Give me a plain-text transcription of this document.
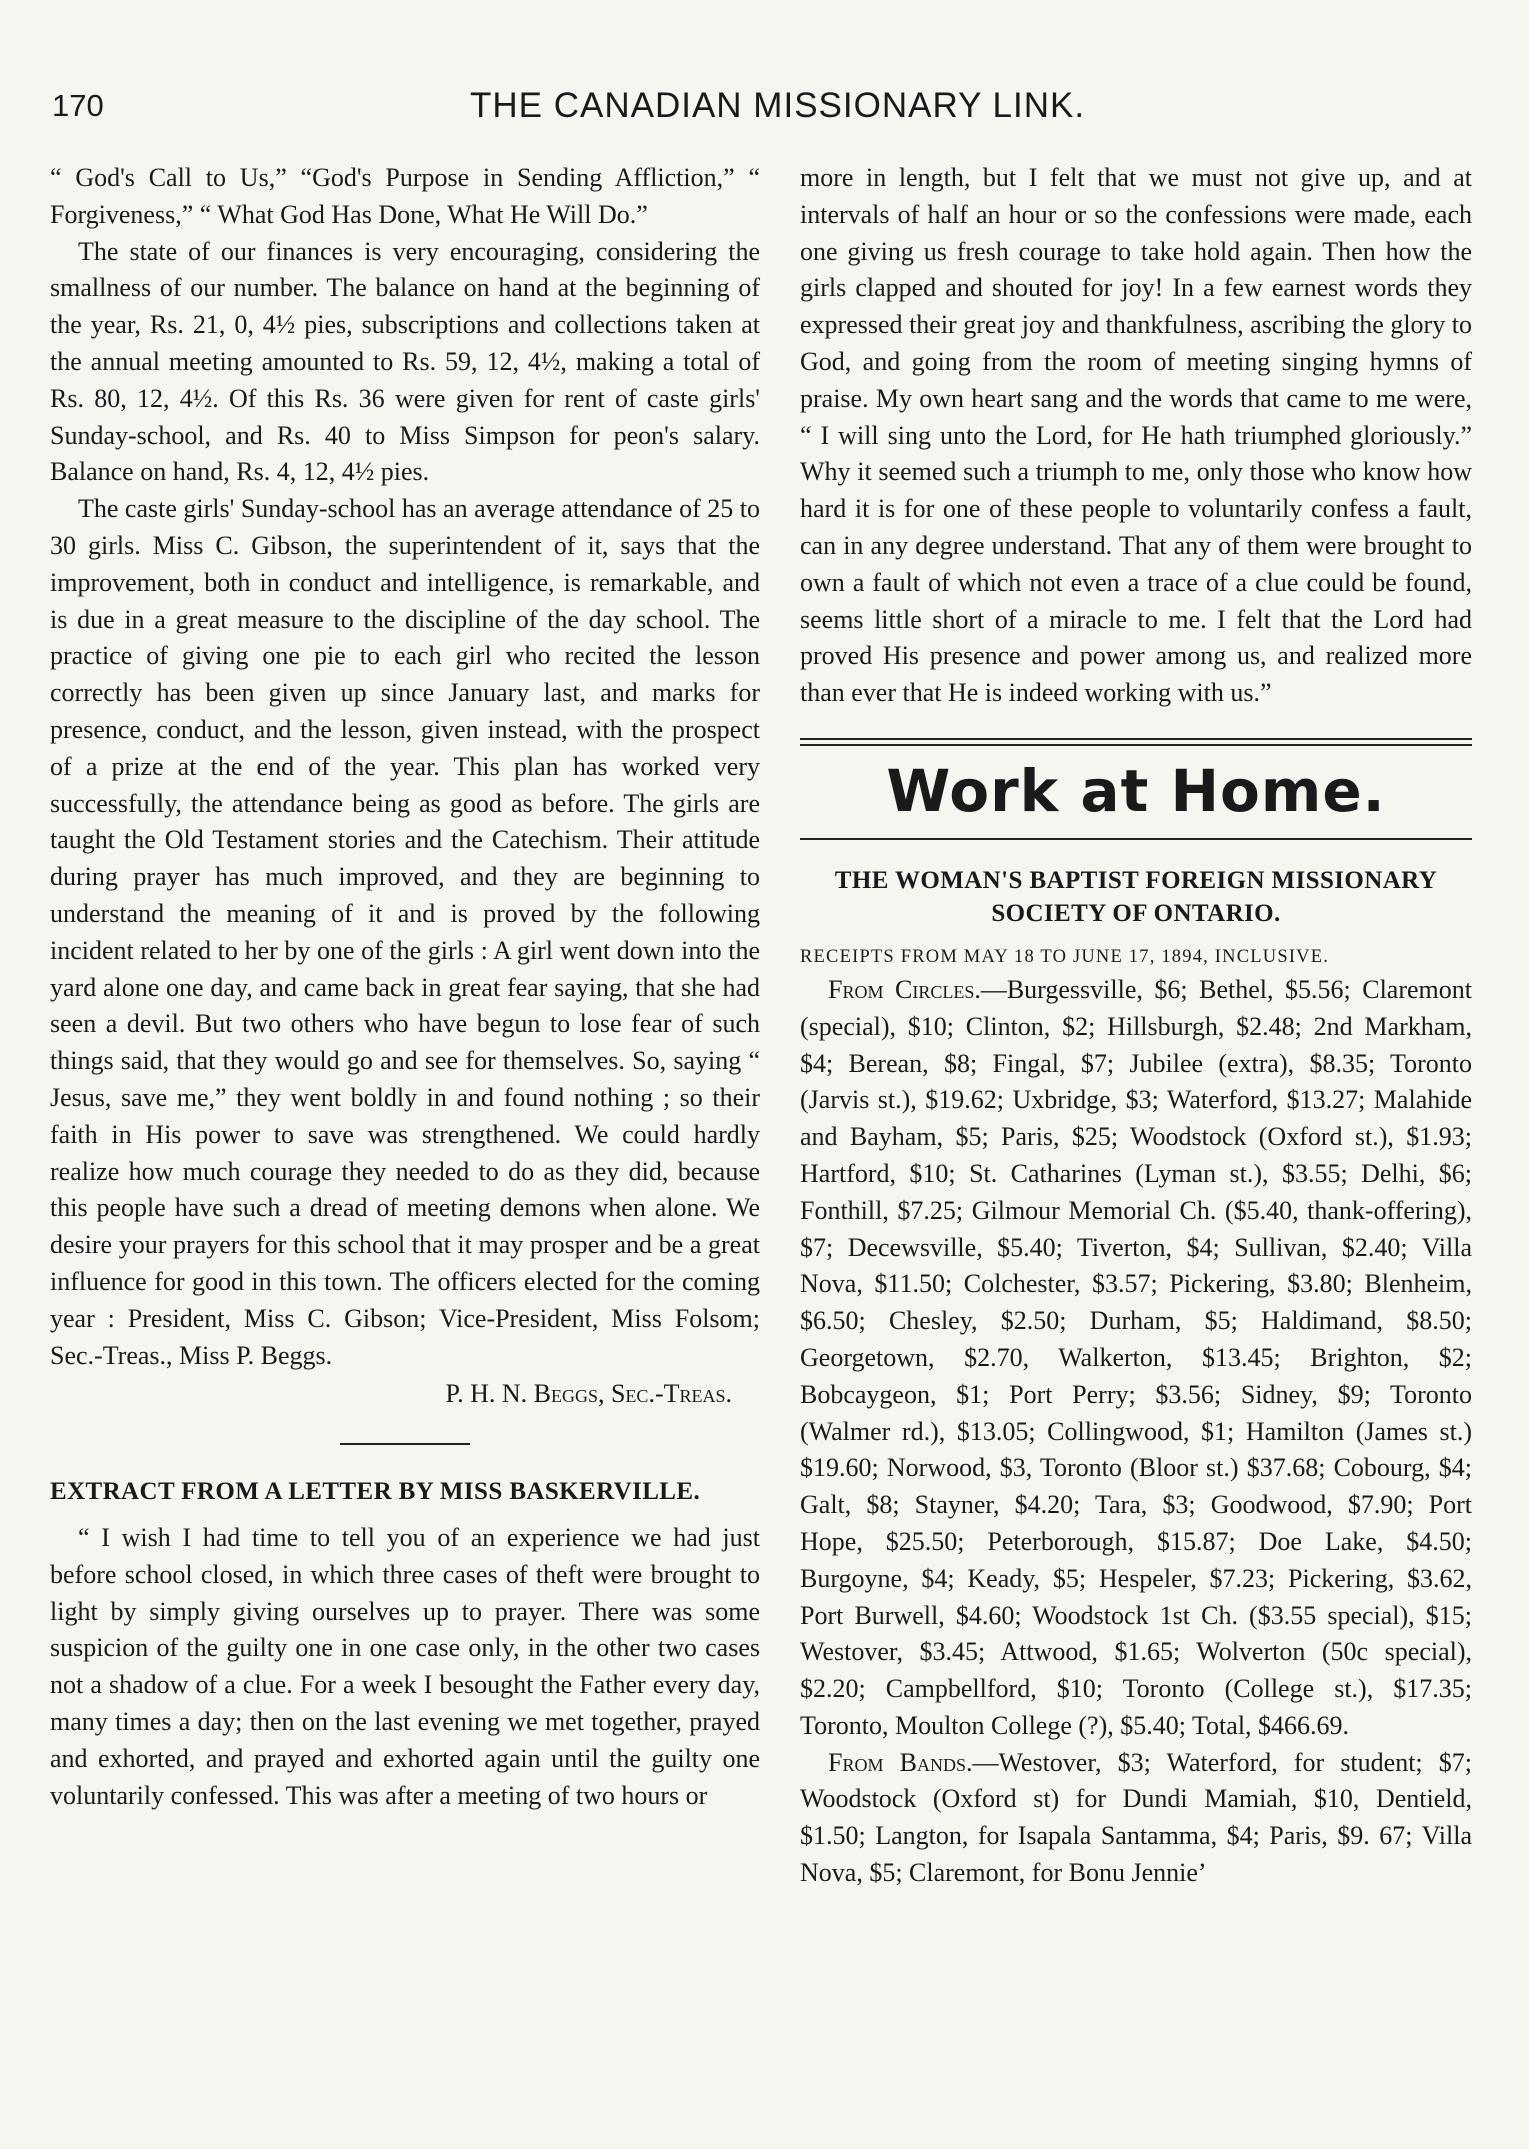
170	THE CANADIAN MISSIONARY LINK.

“ God's Call to Us,” “God's Purpose in Sending Affliction,” “ Forgiveness,” “ What God Has Done, What He Will Do.”

The state of our finances is very encouraging, considering the smallness of our number. The balance on hand at the beginning of the year, Rs. 21, 0, 4½ pies, subscriptions and collections taken at the annual meeting amounted to Rs. 59, 12, 4½, making a total of Rs. 80, 12, 4½. Of this Rs. 36 were given for rent of caste girls' Sunday-school, and Rs. 40 to Miss Simpson for peon's salary. Balance on hand, Rs. 4, 12, 4½ pies.

The caste girls' Sunday-school has an average attendance of 25 to 30 girls. Miss C. Gibson, the superintendent of it, says that the improvement, both in conduct and intelligence, is remarkable, and is due in a great measure to the discipline of the day school. The practice of giving one pie to each girl who recited the lesson correctly has been given up since January last, and marks for presence, conduct, and the lesson, given instead, with the prospect of a prize at the end of the year. This plan has worked very successfully, the attendance being as good as before. The girls are taught the Old Testament stories and the Catechism. Their attitude during prayer has much improved, and they are beginning to understand the meaning of it and is proved by the following incident related to her by one of the girls : A girl went down into the yard alone one day, and came back in great fear saying, that she had seen a devil. But two others who have begun to lose fear of such things said, that they would go and see for themselves. So, saying “ Jesus, save me,” they went boldly in and found nothing ; so their faith in His power to save was strengthened. We could hardly realize how much courage they needed to do as they did, because this people have such a dread of meeting demons when alone. We desire your prayers for this school that it may prosper and be a great influence for good in this town. The officers elected for the coming year : President, Miss C. Gibson; Vice-President, Miss Folsom; Sec.-Treas., Miss P. Beggs.

P. H. N. Beggs, Sec.-Treas.
EXTRACT FROM A LETTER BY MISS BASKERVILLE.

“ I wish I had time to tell you of an experience we had just before school closed, in which three cases of theft were brought to light by simply giving ourselves up to prayer. There was some suspicion of the guilty one in one case only, in the other two cases not a shadow of a clue. For a week I besought the Father every day, many times a day; then on the last evening we met together, prayed and exhorted, and prayed and exhorted again until the guilty one voluntarily confessed. This was after a meeting of two hours or

more in length, but I felt that we must not give up, and at intervals of half an hour or so the confessions were made, each one giving us fresh courage to take hold again. Then how the girls clapped and shouted for joy! In a few earnest words they expressed their great joy and thankfulness, ascribing the glory to God, and going from the room of meeting singing hymns of praise. My own heart sang and the words that came to me were, “ I will sing unto the Lord, for He hath triumphed gloriously.” Why it seemed such a triumph to me, only those who know how hard it is for one of these people to voluntarily confess a fault, can in any degree understand. That any of them were brought to own a fault of which not even a trace of a clue could be found, seems little short of a miracle to me. I felt that the Lord had proved His presence and power among us, and realized more than ever that He is indeed working with us.”

Work at Home.
THE WOMAN'S BAPTIST FOREIGN MISSIONARY SOCIETY OF ONTARIO.

RECEIPTS FROM MAY 18 TO JUNE 17, 1894, INCLUSIVE.

From Circles.—Burgessville, $6; Bethel, $5.56; Claremont (special), $10; Clinton, $2; Hillsburgh, $2.48; 2nd Markham, $4; Berean, $8; Fingal, $7; Jubilee (extra), $8.35; Toronto (Jarvis st.), $19.62; Uxbridge, $3; Waterford, $13.27; Malahide and Bayham, $5; Paris, $25; Woodstock (Oxford st.), $1.93; Hartford, $10; St. Catharines (Lyman st.), $3.55; Delhi, $6; Fonthill, $7.25; Gilmour Memorial Ch. ($5.40, thank-offering), $7; Decewsville, $5.40; Tiverton, $4; Sullivan, $2.40; Villa Nova, $11.50; Colchester, $3.57; Pickering, $3.80; Blenheim, $6.50; Chesley, $2.50; Durham, $5; Haldimand, $8.50; Georgetown, $2.70, Walkerton, $13.45; Brighton, $2; Bobcaygeon, $1; Port Perry; $3.56; Sidney, $9; Toronto (Walmer rd.), $13.05; Collingwood, $1; Hamilton (James st.) $19.60; Norwood, $3, Toronto (Bloor st.) $37.68; Cobourg, $4; Galt, $8; Stayner, $4.20; Tara, $3; Goodwood, $7.90; Port Hope, $25.50; Peterborough, $15.87; Doe Lake, $4.50; Burgoyne, $4; Keady, $5; Hespeler, $7.23; Pickering, $3.62, Port Burwell, $4.60; Woodstock 1st Ch. ($3.55 special), $15; Westover, $3.45; Attwood, $1.65; Wolverton (50c special), $2.20; Campbellford, $10; Toronto (College st.), $17.35; Toronto, Moulton College (?), $5.40; Total, $466.69.

From Bands.—Westover, $3; Waterford, for student; $7; Woodstock (Oxford st) for Dundi Mamiah, $10, Dentield, $1.50; Langton, for Isapala Santamma, $4; Paris, $9. 67; Villa Nova, $5; Claremont, for Bonu Jennie’
